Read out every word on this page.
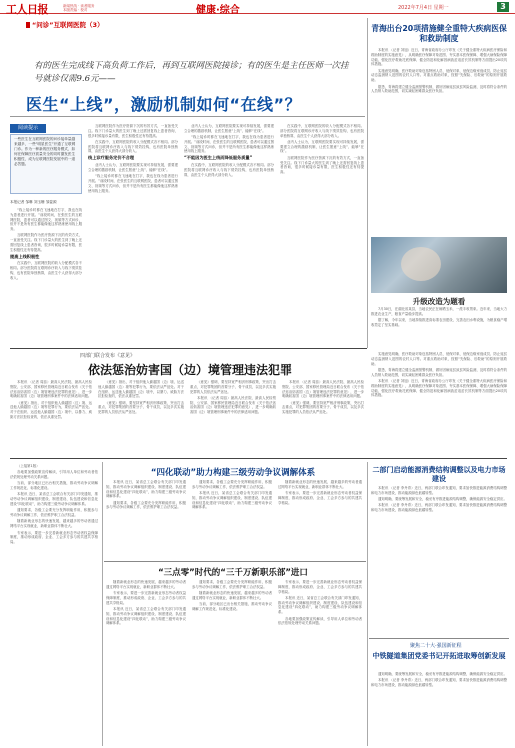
工人日报	新闻热线 · 读者服务
本版责编 · 校对	健康·综合	2022年7月4日 星期一	3
“问诊”互联网医院（3）
有的医生完成线下高负荷工作后，再到互联网医院接诊；有的医生是主任医师一次挂号就诊仅需9.6元——
医生“上线”，激励机制如何“在线”？
阅读提示
一些医生在互联网医院的问诊接单量越来越多，一些“明星医生”开通了互联网门诊。作为一种新的医疗服务模式，如何在保障医疗质量安全的同时激发医生积极性，成为互联网医院发展中的一道必答题。
本报记者 邹琳 刘玉姗 邹姿源
“线上接诊时都在飞速地在打字，我也在线为患者进行开展。”前段时间，在张医生的互联网医院，患者可以通过图文、视频等方式问诊，但并不是所有医生都能像他这样熟练使用线上服务。
互联网医院作为医疗资源下沉的有效方式，一直备受关注。线下门诊量大的医生到了晚上还需回复线上患者咨询，很多时候接诊量有限，医生积极性还有待提高。
提高上线积极性
在实践中，互联网医院的收入分配模式各不相同。部分医院将互联网诊疗收入与线下绩效挂钩，也有医院单独核算，由医生个人获得大部分收入。
互联网医院作为医疗资源下沉的有效方式，一直备受关注。线下门诊量大的医生到了晚上还需回复线上患者咨询，很多时候接诊量有限，医生积极性还有待提高。
在实践中，互联网医院的收入分配模式各不相同。部分医院将互联网诊疗收入与线下绩效挂钩，也有医院单独核算，由医生个人获得大部分收入。
线上诊疗服务定价不合理
业内人士认为，互联网医院要实现可持续发展，需要建立合理的激励机制，让医生愿意“上线”、能够“在线”。
“线上接诊时都在飞速地在打字，我也在线为患者进行开展。”前段时间，在张医生的互联网医院，患者可以通过图文、视频等方式问诊，但并不是所有医生都能像他这样熟练使用线上服务。
业内人士认为，互联网医院要实现可持续发展，需要建立合理的激励机制，让医生愿意“上线”、能够“在线”。
“线上接诊时都在飞速地在打字，我也在线为患者进行开展。”前段时间，在张医生的互联网医院，患者可以通过图文、视频等方式问诊，但并不是所有医生都能像他这样熟练使用线上服务。
“不能因为医生上线而降低服务质量”
在实践中，互联网医院的收入分配模式各不相同。部分医院将互联网诊疗收入与线下绩效挂钩，也有医院单独核算，由医生个人获得大部分收入。
在实践中，互联网医院的收入分配模式各不相同。部分医院将互联网诊疗收入与线下绩效挂钩，也有医院单独核算，由医生个人获得大部分收入。
业内人士认为，互联网医院要实现可持续发展，需要建立合理的激励机制，让医生愿意“上线”、能够“在线”。
互联网医院作为医疗资源下沉的有效方式，一直备受关注。线下门诊量大的医生到了晚上还需回复线上患者咨询，很多时候接诊量有限，医生积极性还有待提高。
青海出台20项措施健全重特大疾病医保和救助制度
本报讯 （记者 刘旭）近日，青海省政府办公厅印发《关于健全重特大疾病医疗保险和救助制度的实施意见》，从明确医疗保障对象范围、夯实基本医保保障、增强大病保险保障功能、强化医疗救助托底保障、健全防范和化解因病致贫返贫长效机制等方面提出20项具体措施。
实施意见明确，医疗救助对象包括特困人员、低保对象、低保边缘家庭成员、防止返贫动态监测纳入范围的农村人口等。对重点救助对象，按照“先保险、后救助”的原则开展救助。
据悉，青海将建立健全监测预警机制，做好因病返贫致贫风险监测，及时将符合条件的人员纳入救助范围，切实减轻困难群众医疗负担。
升级改造为题看
7月30日，在湖北省某县，当地农民正在晾晒玉米，一派丰收景象。近年来，当地大力推进农业生产，粮食产量稳步提高。
据了解，今年以来，当地持续推进高标准农田建设，完善农田水利设施，为粮食稳产增收奠定了坚实基础。
四部门联合发布《意见》
依法惩治妨害国（边）境管理违法犯罪
本报讯 （记者 周蕊）最高人民法院、最高人民检察院、公安部、国家移民管理局近日联合发布《关于依法惩治妨害国（边）境管理违法犯罪的意见》，进一步明确妨害国（边）境管理刑事案件中的法律适用问题。
《意见》指出，对于组织他人偷越国（边）境、运送他人偷越国（边）境等犯罪行为，要依法从严惩处。对于在组织、运送他人偷越国（边）境中，以暴力、威胁方法抗拒检查的，依法从重处罚。
《意见》指出，对于组织他人偷越国（边）境、运送他人偷越国（边）境等犯罪行为，要依法从严惩处。对于在组织、运送他人偷越国（边）境中，以暴力、威胁方法抗拒检查的，依法从重处罚。
《意见》强调，要坚持宽严相济刑事政策，突出打击重点，对犯罪集团的首要分子、骨干成员，以及多次实施犯罪的人员依法从严惩处。
《意见》强调，要坚持宽严相济刑事政策，突出打击重点，对犯罪集团的首要分子、骨干成员，以及多次实施犯罪的人员依法从严惩处。
本报讯 （记者 周蕊）最高人民法院、最高人民检察院、公安部、国家移民管理局近日联合发布《关于依法惩治妨害国（边）境管理违法犯罪的意见》，进一步明确妨害国（边）境管理刑事案件中的法律适用问题。
本报讯 （记者 周蕊）最高人民法院、最高人民检察院、公安部、国家移民管理局近日联合发布《关于依法惩治妨害国（边）境管理违法犯罪的意见》，进一步明确妨害国（边）境管理刑事案件中的法律适用问题。
《意见》强调，要坚持宽严相济刑事政策，突出打击重点，对犯罪集团的首要分子、骨干成员，以及多次实施犯罪的人员依法从严惩处。
实施意见明确，医疗救助对象包括特困人员、低保对象、低保边缘家庭成员、防止返贫动态监测纳入范围的农村人口等。对重点救助对象，按照“先保险、后救助”的原则开展救助。
据悉，青海将建立健全监测预警机制，做好因病返贫致贫风险监测，及时将符合条件的人员纳入救助范围，切实减轻困难群众医疗负担。
本报讯 （记者 刘旭）近日，青海省政府办公厅印发《关于健全重特大疾病医疗保险和救助制度的实施意见》，从明确医疗保障对象范围、夯实基本医保保障、增强大病保险保障功能、强化医疗救助托底保障、健全防范和化解因病致贫返贫长效机制等方面提出20项具体措施。
（上接第1版）
各地要加强政策宣传解读，引导用人单位和劳动者依法依规处理劳动关系问题。
当前，部分地区已出台相关措施，推动劳动争议调解工作规范化、标准化建设。
本报讯 近日，某省总工会联合有关部门印发通知，推动劳动争议调解组织建设、制度建设、队伍建设和信息化建设“四化联动”，助力构建三级劳动争议调解体系。
通知要求，各级工会要充分发挥职能作用，积极参与劳动争议调解工作，依法维护职工合法权益。
随着新就业形态的快速发展，越来越多的劳动者通过网络平台实现就业，新职业群体不断壮大。
专家表示，要进一步完善新就业形态劳动者权益保障制度，推动形成政府、企业、工会多方参与的共建共享格局。
“四化联动”助力构建三级劳动争议调解体系
本报讯 近日，某省总工会联合有关部门印发通知，推动劳动争议调解组织建设、制度建设、队伍建设和信息化建设“四化联动”，助力构建三级劳动争议调解体系。
通知要求，各级工会要充分发挥职能作用，积极参与劳动争议调解工作，依法维护职工合法权益。
通知要求，各级工会要充分发挥职能作用，积极参与劳动争议调解工作，依法维护职工合法权益。
本报讯 近日，某省总工会联合有关部门印发通知，推动劳动争议调解组织建设、制度建设、队伍建设和信息化建设“四化联动”，助力构建三级劳动争议调解体系。
随着新就业形态的快速发展，越来越多的劳动者通过网络平台实现就业，新职业群体不断壮大。
专家表示，要进一步完善新就业形态劳动者权益保障制度，推动形成政府、企业、工会多方参与的共建共享格局。
“三点零”时代的“三千万新职乐部”进口
随着新就业形态的快速发展，越来越多的劳动者通过网络平台实现就业，新职业群体不断壮大。
专家表示，要进一步完善新就业形态劳动者权益保障制度，推动形成政府、企业、工会多方参与的共建共享格局。
本报讯 近日，某省总工会联合有关部门印发通知，推动劳动争议调解组织建设、制度建设、队伍建设和信息化建设“四化联动”，助力构建三级劳动争议调解体系。
通知要求，各级工会要充分发挥职能作用，积极参与劳动争议调解工作，依法维护职工合法权益。
随着新就业形态的快速发展，越来越多的劳动者通过网络平台实现就业，新职业群体不断壮大。
当前，部分地区已出台相关措施，推动劳动争议调解工作规范化、标准化建设。
专家表示，要进一步完善新就业形态劳动者权益保障制度，推动形成政府、企业、工会多方参与的共建共享格局。
本报讯 近日，某省总工会联合有关部门印发通知，推动劳动争议调解组织建设、制度建设、队伍建设和信息化建设“四化联动”，助力构建三级劳动争议调解体系。
各地要加强政策宣传解读，引导用人单位和劳动者依法依规处理劳动关系问题。
二部门启动能源消费结构调整以及电力市场建设
本报讯 （记者 李丹青）近日，两部门联合印发通知，要求加快推进能源消费结构调整和电力市场建设，推动能源绿色低碳转型。
通知明确，要统筹发展和安全，稳妥有序推进能源结构调整，确保能源安全稳定供应。
本报讯 （记者 李丹青）近日，两部门联合印发通知，要求加快推进能源消费结构调整和电力市场建设，推动能源绿色低碳转型。
聚焦二十大·强国新征程
中铁隧道集团党委书记开拓进取筹创新发展
通知明确，要统筹发展和安全，稳妥有序推进能源结构调整，确保能源安全稳定供应。
本报讯 （记者 李丹青）近日，两部门联合印发通知，要求加快推进能源消费结构调整和电力市场建设，推动能源绿色低碳转型。
